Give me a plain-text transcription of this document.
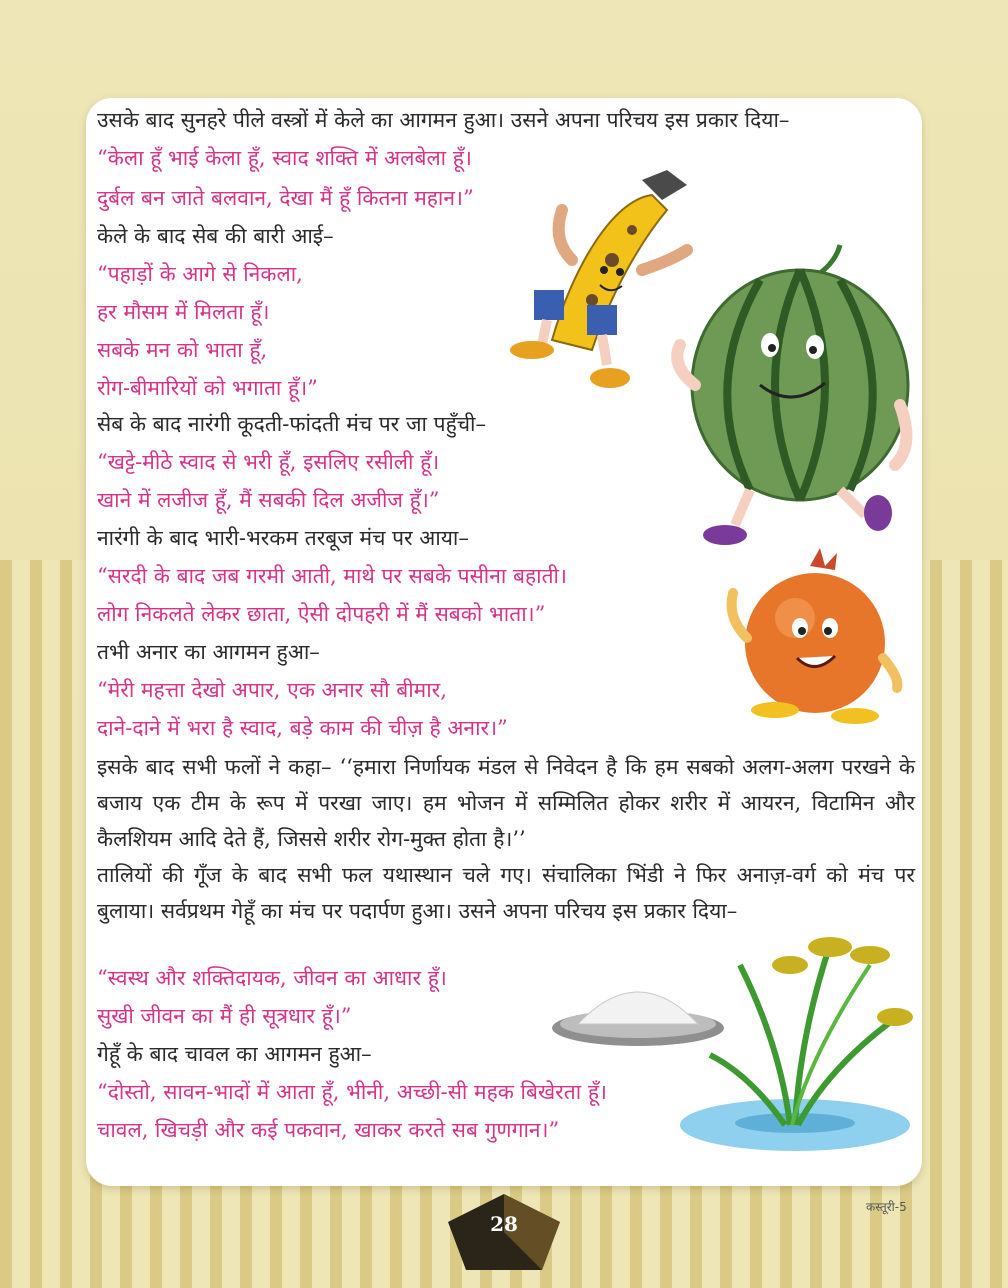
उसके बाद सुनहरे पीले वस्त्रों में केले का आगमन हुआ। उसने अपना परिचय इस प्रकार दिया–
“केला हूँ भाई केला हूँ, स्वाद शक्ति में अलबेला हूँ।
दुर्बल बन जाते बलवान, देखा मैं हूँ कितना महान।”
केले के बाद सेब की बारी आई–
“पहाड़ों के आगे से निकला,
हर मौसम में मिलता हूँ।
सबके मन को भाता हूँ,
रोग-बीमारियों को भगाता हूँ।”
सेब के बाद नारंगी कूदती-फांदती मंच पर जा पहुँची–
“खट्टे-मीठे स्वाद से भरी हूँ, इसलिए रसीली हूँ।
खाने में लजीज हूँ, मैं सबकी दिल अजीज हूँ।”
नारंगी के बाद भारी-भरकम तरबूज मंच पर आया–
“सरदी के बाद जब गरमी आती, माथे पर सबके पसीना बहाती।
लोग निकलते लेकर छाता, ऐसी दोपहरी में मैं सबको भाता।”
तभी अनार का आगमन हुआ–
“मेरी महत्ता देखो अपार, एक अनार सौ बीमार,
दाने-दाने में भरा है स्वाद, बड़े काम की चीज़ है अनार।”
इसके बाद सभी फलों ने कहा– ‘‘हमारा निर्णायक मंडल से निवेदन है कि हम सबको अलग-अलग परखने के बजाय एक टीम के रूप में परखा जाए। हम भोजन में सम्मिलित होकर शरीर में आयरन, विटामिन और कैलशियम आदि देते हैं, जिससे शरीर रोग-मुक्त होता है।’’
तालियों की गूँज के बाद सभी फल यथास्थान चले गए। संचालिका भिंडी ने फिर अनाज़-वर्ग को मंच पर बुलाया। सर्वप्रथम गेहूँ का मंच पर पदार्पण हुआ। उसने अपना परिचय इस प्रकार दिया–
“स्वस्थ और शक्तिदायक, जीवन का आधार हूँ।
सुखी जीवन का मैं ही सूत्रधार हूँ।”
गेहूँ के बाद चावल का आगमन हुआ–
“दोस्तो, सावन-भादों में आता हूँ, भीनी, अच्छी-सी महक बिखेरता हूँ।
चावल, खिचड़ी और कई पकवान, खाकर करते सब गुणगान।”
28
कस्तूरी-5
